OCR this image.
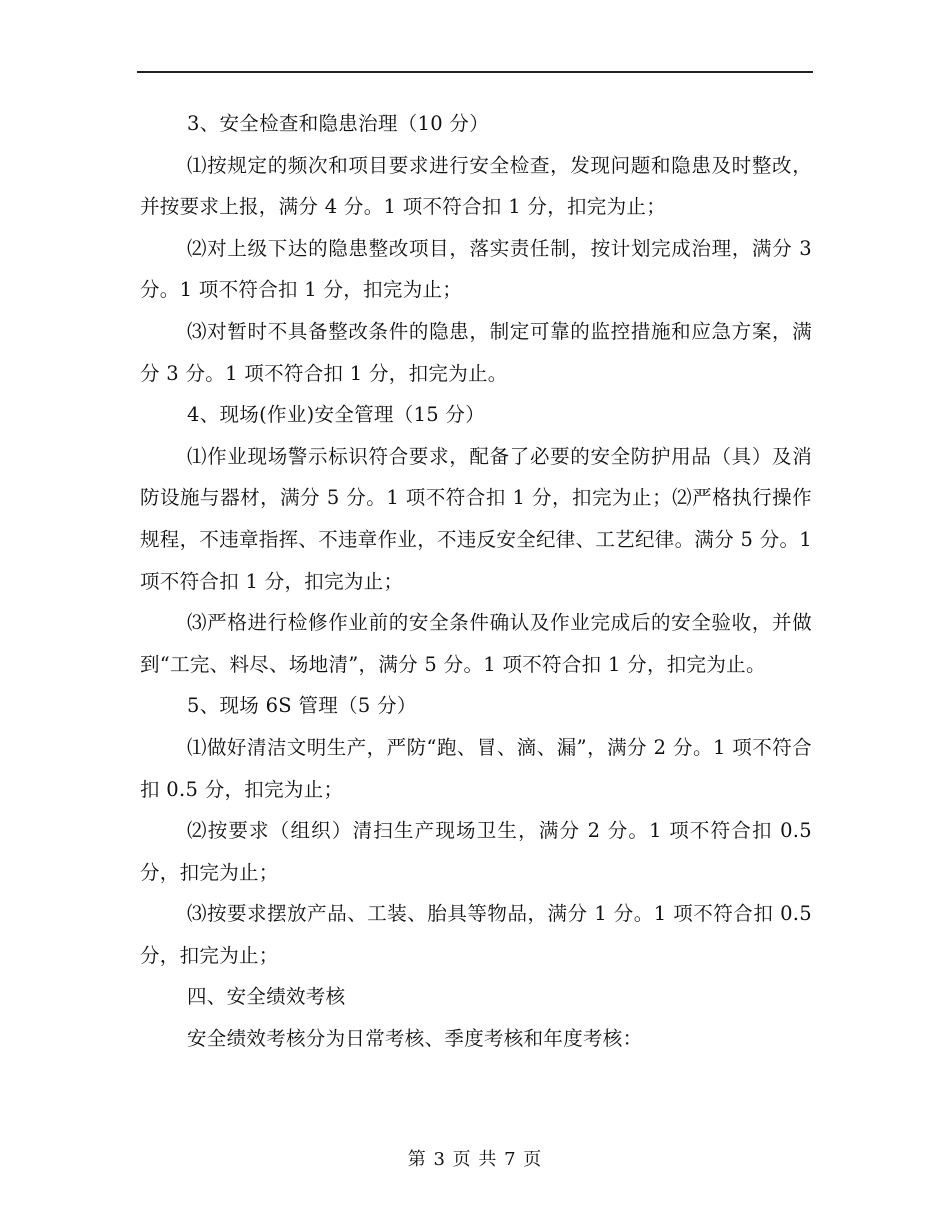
3、安全检查和隐患治理（10 分）

⑴按规定的频次和项目要求进行安全检查，发现问题和隐患及时整改，并按要求上报，满分 4 分。1 项不符合扣 1 分，扣完为止；

⑵对上级下达的隐患整改项目，落实责任制，按计划完成治理，满分 3 分。1 项不符合扣 1 分，扣完为止；

⑶对暂时不具备整改条件的隐患，制定可靠的监控措施和应急方案，满分 3 分。1 项不符合扣 1 分，扣完为止。

4、现场(作业)安全管理（15 分）

⑴作业现场警示标识符合要求，配备了必要的安全防护用品（具）及消防设施与器材，满分 5 分。1 项不符合扣 1 分，扣完为止；⑵严格执行操作规程，不违章指挥、不违章作业，不违反安全纪律、工艺纪律。满分 5 分。1 项不符合扣 1 分，扣完为止；

⑶严格进行检修作业前的安全条件确认及作业完成后的安全验收，并做到“工完、料尽、场地清”，满分 5 分。1 项不符合扣 1 分，扣完为止。

5、现场 6S 管理（5 分）

⑴做好清洁文明生产，严防“跑、冒、滴、漏”，满分 2 分。1 项不符合扣 0.5 分，扣完为止；

⑵按要求（组织）清扫生产现场卫生，满分 2 分。1 项不符合扣 0.5 分，扣完为止；

⑶按要求摆放产品、工装、胎具等物品，满分 1 分。1 项不符合扣 0.5 分，扣完为止；

四、安全绩效考核

安全绩效考核分为日常考核、季度考核和年度考核：

第 3 页 共 7 页
